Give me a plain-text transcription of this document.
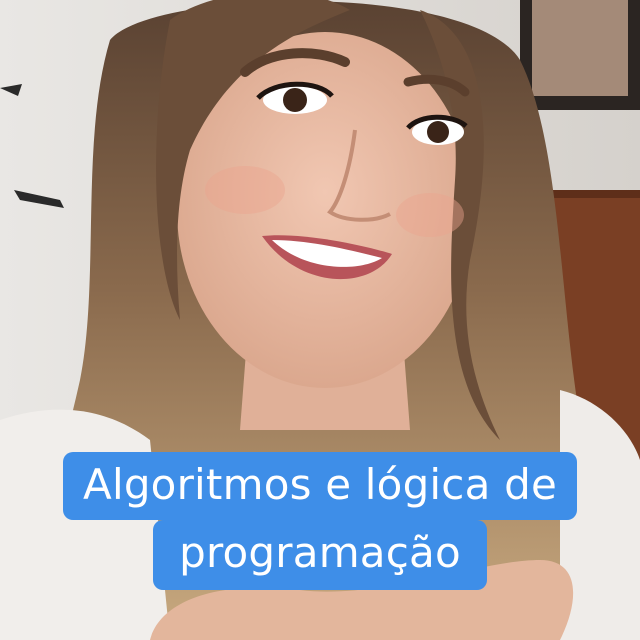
Algoritmos e lógica de
programação
